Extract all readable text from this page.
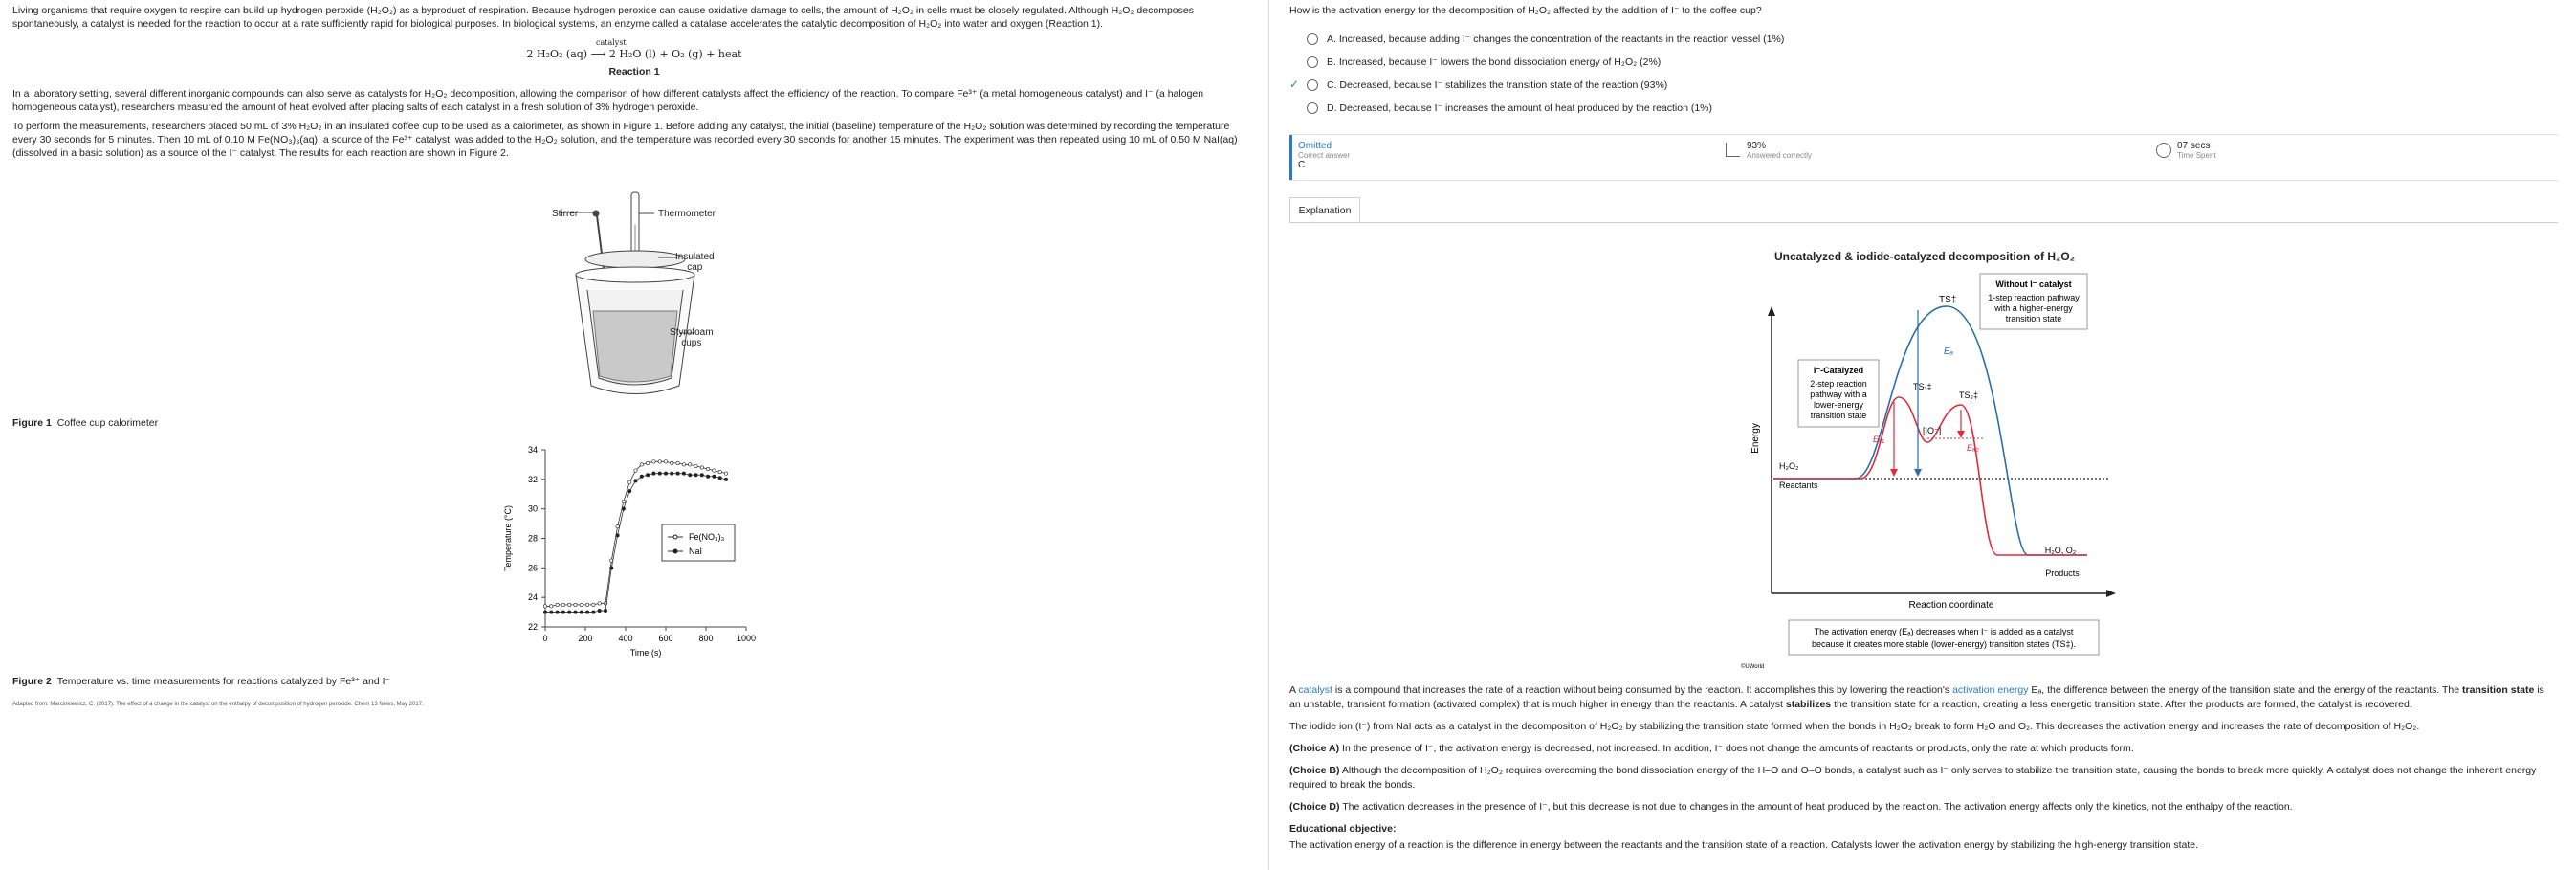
Living organisms that require oxygen to respire can build up hydrogen peroxide (H₂O₂) as a byproduct of respiration. Because hydrogen peroxide can cause oxidative damage to cells, the amount of H₂O₂ in cells must be closely regulated. Although H₂O₂ decomposes spontaneously, a catalyst is needed for the reaction to occur at a rate sufficiently rapid for biological purposes. In biological systems, an enzyme called a catalase accelerates the catalytic decomposition of H₂O₂ into water and oxygen (Reaction 1).

catalyst
2 H₂O₂ (aq) ⟶ 2 H₂O (l) + O₂ (g) + heat
Reaction 1

In a laboratory setting, several different inorganic compounds can also serve as catalysts for H₂O₂ decomposition, allowing the comparison of how different catalysts affect the efficiency of the reaction. To compare Fe³⁺ (a metal homogeneous catalyst) and I⁻ (a halogen homogeneous catalyst), researchers measured the amount of heat evolved after placing salts of each catalyst in a fresh solution of 3% hydrogen peroxide.

To perform the measurements, researchers placed 50 mL of 3% H₂O₂ in an insulated coffee cup to be used as a calorimeter, as shown in Figure 1. Before adding any catalyst, the initial (baseline) temperature of the H₂O₂ solution was determined by recording the temperature every 30 seconds for 5 minutes. Then 10 mL of 0.10 M Fe(NO₃)₃(aq), a source of the Fe³⁺ catalyst, was added to the H₂O₂ solution, and the temperature was recorded every 30 seconds for another 15 minutes. The experiment was then repeated using 10 mL of 0.50 M NaI(aq) (dissolved in a basic solution) as a source of the I⁻ catalyst. The results for each reaction are shown in Figure 2.

Stirrer	Thermometer
Insulated
cap
Styrofoam
cups
Figure 1 Coffee cup calorimeter
22
24
26
28
30
32
34
0	200	400	600	800	1000
Time (s)
Temperature (°C)	Fe(NO₃)₃
NaI
Figure 2 Temperature vs. time measurements for reactions catalyzed by Fe³⁺ and I⁻
Adapted from: Marcinkiewicz, C. (2017). The effect of a change in the catalyst on the enthalpy of decomposition of hydrogen peroxide. Chem 13 News, May 2017.

How is the activation energy for the decomposition of H₂O₂ affected by the addition of I⁻ to the coffee cup?

A. Increased, because adding I⁻ changes the concentration of the reactants in the reaction vessel (1%)
B. Increased, because I⁻ lowers the bond dissociation energy of H₂O₂ (2%)
✓	C. Decreased, because I⁻ stabilizes the transition state of the reaction (93%)
D. Decreased, because I⁻ increases the amount of heat produced by the reaction (1%)
Omitted
Correct answer
C
93%
Answered correctly
07 secs
Time Spent
Explanation
Uncatalyzed & iodide-catalyzed decomposition of H₂O₂
Energy
Reaction coordinate
TS‡
TS₁‡
TS₂‡
[IO⁻]
Eₐ
Eₐ₁
Eₐ₂
H₂O₂
Reactants
H₂O, O₂
Products
Without I⁻ catalyst
1-step reaction pathway
with a higher-energy
transition state
I⁻-Catalyzed
2-step reaction
pathway with a
lower-energy
transition state
The activation energy (Eₐ) decreases when I⁻ is added as a catalyst
because it creates more stable (lower-energy) transition states (TS‡).
©UWorld

A catalyst is a compound that increases the rate of a reaction without being consumed by the reaction. It accomplishes this by lowering the reaction's activation energy Eₐ, the difference between the energy of the transition state and the energy of the reactants. The transition state is an unstable, transient formation (activated complex) that is much higher in energy than the reactants. A catalyst stabilizes the transition state for a reaction, creating a less energetic transition state. After the products are formed, the catalyst is recovered.

The iodide ion (I⁻) from NaI acts as a catalyst in the decomposition of H₂O₂ by stabilizing the transition state formed when the bonds in H₂O₂ break to form H₂O and O₂. This decreases the activation energy and increases the rate of decomposition of H₂O₂.

(Choice A) In the presence of I⁻, the activation energy is decreased, not increased. In addition, I⁻ does not change the amounts of reactants or products, only the rate at which products form.

(Choice B) Although the decomposition of H₂O₂ requires overcoming the bond dissociation energy of the H–O and O–O bonds, a catalyst such as I⁻ only serves to stabilize the transition state, causing the bonds to break more quickly. A catalyst does not change the inherent energy required to break the bonds.

(Choice D) The activation decreases in the presence of I⁻, but this decrease is not due to changes in the amount of heat produced by the reaction. The activation energy affects only the kinetics, not the enthalpy of the reaction.

Educational objective:

The activation energy of a reaction is the difference in energy between the reactants and the transition state of a reaction. Catalysts lower the activation energy by stabilizing the high-energy transition state.
